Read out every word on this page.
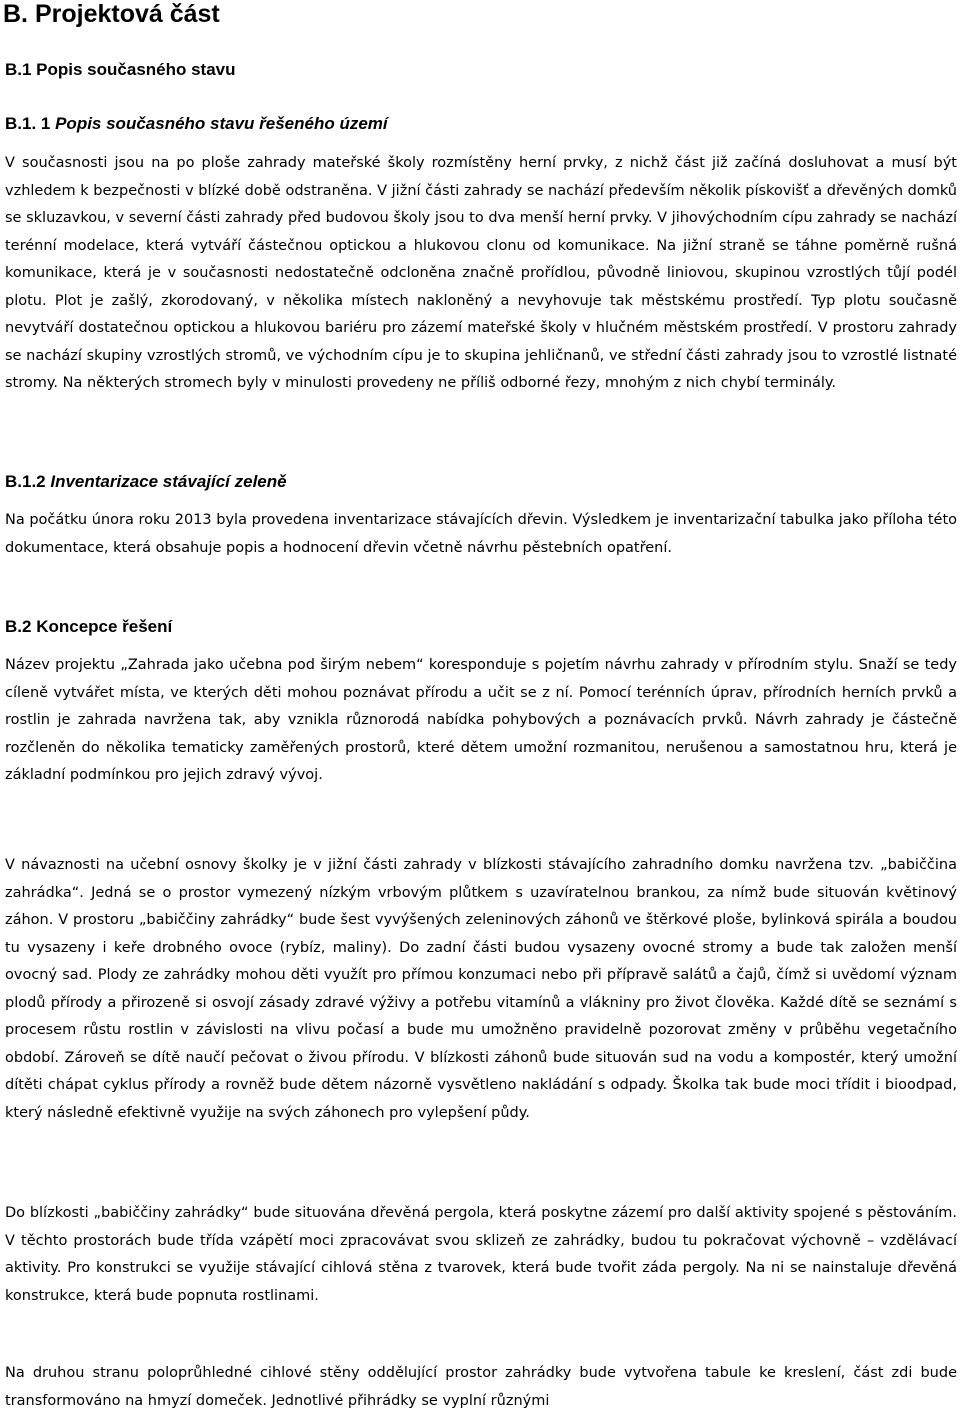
B. Projektová část
B.1 Popis současného stavu
B.1. 1 Popis současného stavu řešeného území

V současnosti jsou na po ploše zahrady mateřské školy rozmístěny herní prvky, z nichž část již začíná dosluhovat a musí být vzhledem k bezpečnosti v blízké době odstraněna. V jižní části zahrady se nachází především několik pískovišť a dřevěných domků se skluzavkou, v severní části zahrady před budovou školy jsou to dva menší herní prvky. V jihovýchodním cípu zahrady se nachází terénní modelace, která vytváří částečnou optickou a hlukovou clonu od komunikace. Na jižní straně se táhne poměrně rušná komunikace, která je v současnosti nedostatečně odcloněna značně prořídlou, původně liniovou, skupinou vzrostlých tůjí podél plotu. Plot je zašlý, zkorodovaný, v několika místech nakloněný a nevyhovuje tak městskému prostředí. Typ plotu současně nevytváří dostatečnou optickou a hlukovou bariéru pro zázemí mateřské školy v hlučném městském prostředí. V prostoru zahrady se nachází skupiny vzrostlých stromů, ve východním cípu je to skupina jehličnanů, ve střední části zahrady jsou to vzrostlé listnaté stromy. Na některých stromech byly v minulosti provedeny ne příliš odborné řezy, mnohým z nich chybí terminály.

B.1.2 Inventarizace stávající zeleně

Na počátku února roku 2013 byla provedena inventarizace stávajících dřevin. Výsledkem je inventarizační tabulka jako příloha této dokumentace, která obsahuje popis a hodnocení dřevin včetně návrhu pěstebních opatření.

B.2 Koncepce řešení

Název projektu „Zahrada jako učebna pod širým nebem“ koresponduje s pojetím návrhu zahrady v přírodním stylu. Snaží se tedy cíleně vytvářet místa, ve kterých děti mohou poznávat přírodu a učit se z ní. Pomocí terénních úprav, přírodních herních prvků a rostlin je zahrada navržena tak, aby vznikla různorodá nabídka pohybových a poznávacích prvků. Návrh zahrady je částečně rozčleněn do několika tematicky zaměřených prostorů, které dětem umožní rozmanitou, nerušenou a samostatnou hru, která je základní podmínkou pro jejich zdravý vývoj.

V návaznosti na učební osnovy školky je v jižní části zahrady v blízkosti stávajícího zahradního domku navržena tzv. „babiččina zahrádka“. Jedná se o prostor vymezený nízkým vrbovým plůtkem s uzavíratelnou brankou, za nímž bude situován květinový záhon. V prostoru „babiččiny zahrádky“ bude šest vyvýšených zeleninových záhonů ve štěrkové ploše, bylinková spirála a boudou tu vysazeny i keře drobného ovoce (rybíz, maliny). Do zadní části budou vysazeny ovocné stromy a bude tak založen menší ovocný sad. Plody ze zahrádky mohou děti využít pro přímou konzumaci nebo při přípravě salátů a čajů, čímž si uvědomí význam plodů přírody a přirozeně si osvojí zásady zdravé výživy a potřebu vitamínů a vlákniny pro život člověka. Každé dítě se seznámí s procesem růstu rostlin v závislosti na vlivu počasí a bude mu umožněno pravidelně pozorovat změny v průběhu vegetačního období. Zároveň se dítě naučí pečovat o živou přírodu. V blízkosti záhonů bude situován sud na vodu a kompostér, který umožní dítěti chápat cyklus přírody a rovněž bude dětem názorně vysvětleno nakládání s odpady. Školka tak bude moci třídit i bioodpad, který následně efektivně využije na svých záhonech pro vylepšení půdy.

Do blízkosti „babiččiny zahrádky“ bude situována dřevěná pergola, která poskytne zázemí pro další aktivity spojené s pěstováním. V těchto prostorách bude třída vzápětí moci zpracovávat svou sklizeň ze zahrádky, budou tu pokračovat výchovně – vzdělávací aktivity. Pro konstrukci se využije stávající cihlová stěna z tvarovek, která bude tvořit záda pergoly. Na ni se nainstaluje dřevěná konstrukce, která bude popnuta rostlinami.

Na druhou stranu poloprůhledné cihlové stěny oddělující prostor zahrádky bude vytvořena tabule ke kreslení, část zdi bude transformováno na hmyzí domeček. Jednotlivé přihrádky se vyplní různými
